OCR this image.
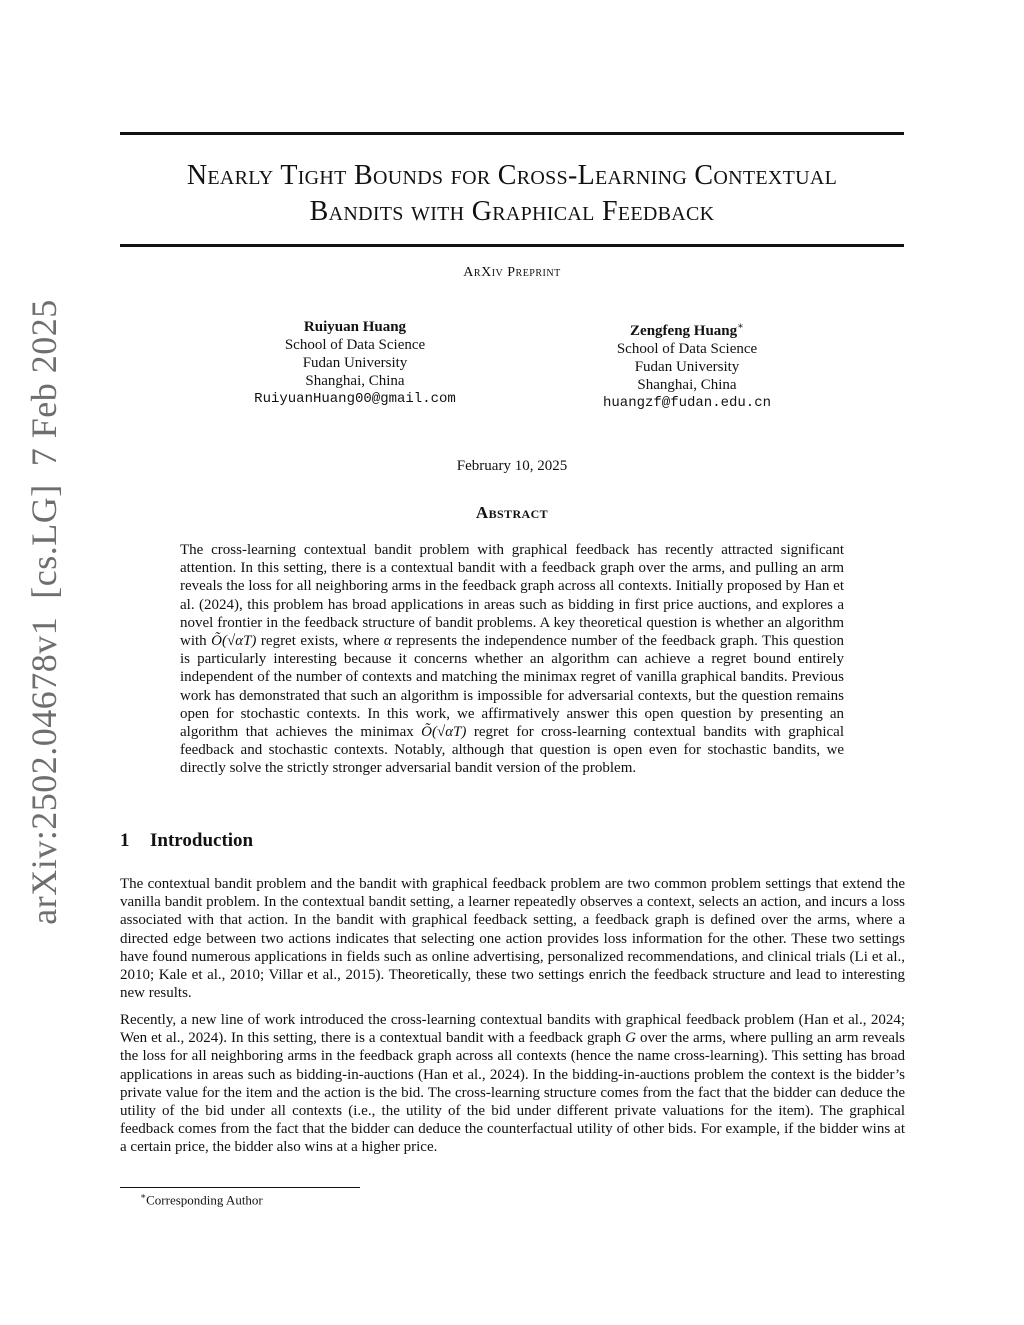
arXiv:2502.04678v1[cs.LG]7 Feb 2025
Nearly Tight Bounds for Cross-Learning Contextual
Bandits with Graphical Feedback
ArXiv Preprint
Ruiyuan Huang
School of Data Science
Fudan University
Shanghai, China
RuiyuanHuang00@gmail.com
Zengfeng Huang∗
School of Data Science
Fudan University
Shanghai, China
huangzf@fudan.edu.cn
February 10, 2025
Abstract

The cross-learning contextual bandit problem with graphical feedback has recently attracted significant attention. In this setting, there is a contextual bandit with a feedback graph over the arms, and pulling an arm reveals the loss for all neighboring arms in the feedback graph across all contexts. Initially proposed by Han et al. (2024), this problem has broad applications in areas such as bidding in first price auctions, and explores a novel frontier in the feedback structure of bandit problems. A key theoretical question is whether an algorithm with Õ(√αT) regret exists, where α represents the independence number of the feedback graph. This question is particularly interesting because it concerns whether an algorithm can achieve a regret bound entirely independent of the number of contexts and matching the minimax regret of vanilla graphical bandits. Previous work has demonstrated that such an algorithm is impossible for adversarial contexts, but the question remains open for stochastic contexts. In this work, we affirmatively answer this open question by presenting an algorithm that achieves the minimax Õ(√αT) regret for cross-learning contextual bandits with graphical feedback and stochastic contexts. Notably, although that question is open even for stochastic bandits, we directly solve the strictly stronger adversarial bandit version of the problem.

1 Introduction

The contextual bandit problem and the bandit with graphical feedback problem are two common problem settings that extend the vanilla bandit problem. In the contextual bandit setting, a learner repeatedly observes a context, selects an action, and incurs a loss associated with that action. In the bandit with graphical feedback setting, a feedback graph is defined over the arms, where a directed edge between two actions indicates that selecting one action provides loss information for the other. These two settings have found numerous applications in fields such as online advertising, personalized recommendations, and clinical trials (Li et al., 2010; Kale et al., 2010; Villar et al., 2015). Theoretically, these two settings enrich the feedback structure and lead to interesting new results.

Recently, a new line of work introduced the cross-learning contextual bandits with graphical feedback problem (Han et al., 2024; Wen et al., 2024). In this setting, there is a contextual bandit with a feedback graph G over the arms, where pulling an arm reveals the loss for all neighboring arms in the feedback graph across all contexts (hence the name cross-learning). This setting has broad applications in areas such as bidding-in-auctions (Han et al., 2024). In the bidding-in-auctions problem the context is the bidder’s private value for the item and the action is the bid. The cross-learning structure comes from the fact that the bidder can deduce the utility of the bid under all contexts (i.e., the utility of the bid under different private valuations for the item). The graphical feedback comes from the fact that the bidder can deduce the counterfactual utility of other bids. For example, if the bidder wins at a certain price, the bidder also wins at a higher price.

∗Corresponding Author
